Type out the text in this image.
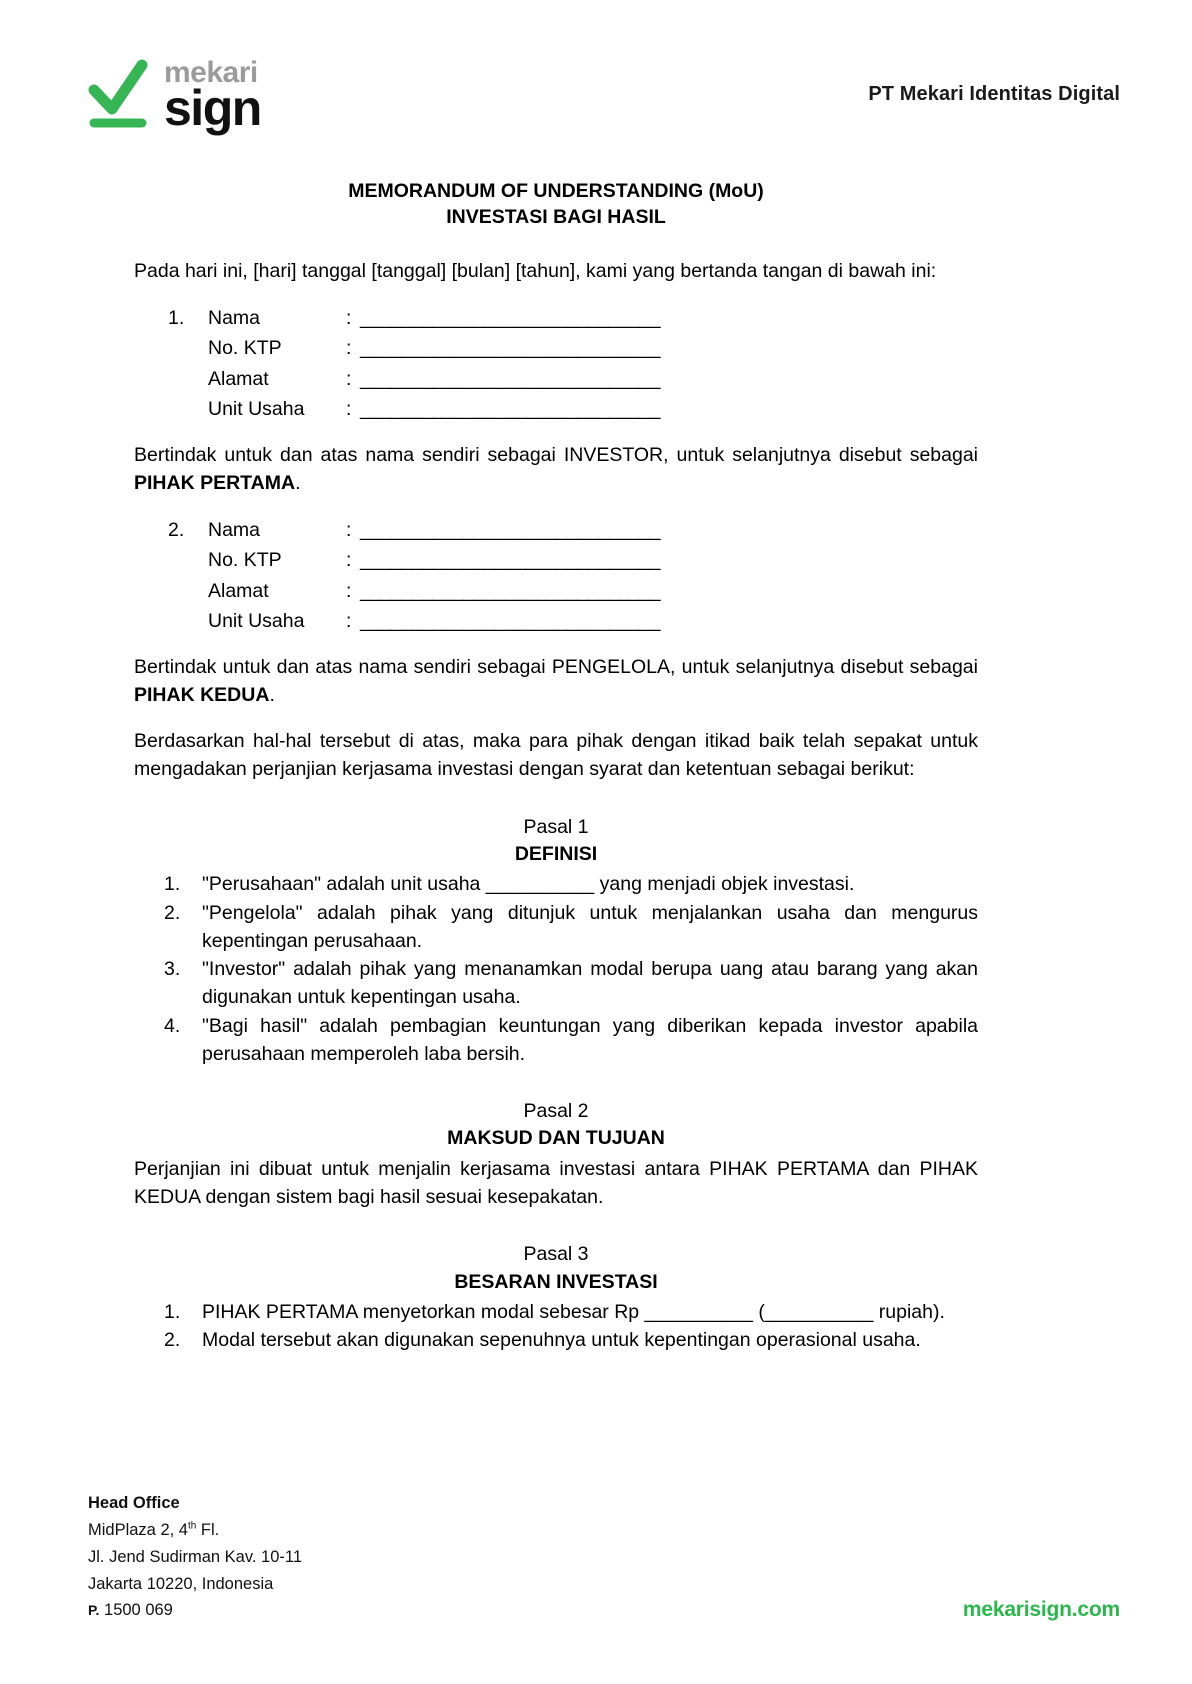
mekari
sign	PT Mekari Identitas Digital
MEMORANDUM OF UNDERSTANDING (MoU)
INVESTASI BAGI HASIL

Pada hari ini, [hari] tanggal [tanggal] [bulan] [tahun], kami yang bertanda tangan di bawah ini:

1.	Nama	: _____________________________
No. KTP	: _____________________________
Alamat	: _____________________________
Unit Usaha	: _____________________________

Bertindak untuk dan atas nama sendiri sebagai INVESTOR, untuk selanjutnya disebut sebagai PIHAK PERTAMA.

2.	Nama	: _____________________________
No. KTP	: _____________________________
Alamat	: _____________________________
Unit Usaha	: _____________________________

Bertindak untuk dan atas nama sendiri sebagai PENGELOLA, untuk selanjutnya disebut sebagai PIHAK KEDUA.

Berdasarkan hal-hal tersebut di atas, maka para pihak dengan itikad baik telah sepakat untuk mengadakan perjanjian kerjasama investasi dengan syarat dan ketentuan sebagai berikut:

Pasal 1
DEFINISI
"Perusahaan" adalah unit usaha __________ yang menjadi objek investasi.
"Pengelola" adalah pihak yang ditunjuk untuk menjalankan usaha dan mengurus kepentingan perusahaan.
"Investor" adalah pihak yang menanamkan modal berupa uang atau barang yang akan digunakan untuk kepentingan usaha.
"Bagi hasil" adalah pembagian keuntungan yang diberikan kepada investor apabila perusahaan memperoleh laba bersih.
Pasal 2
MAKSUD DAN TUJUAN

Perjanjian ini dibuat untuk menjalin kerjasama investasi antara PIHAK PERTAMA dan PIHAK KEDUA dengan sistem bagi hasil sesuai kesepakatan.

Pasal 3
BESARAN INVESTASI
PIHAK PERTAMA menyetorkan modal sebesar Rp __________ (__________ rupiah).
Modal tersebut akan digunakan sepenuhnya untuk kepentingan operasional usaha.
Head Office
MidPlaza 2, 4th Fl.
Jl. Jend Sudirman Kav. 10-11
Jakarta 10220, Indonesia
P. 1500 069	mekarisign.com
